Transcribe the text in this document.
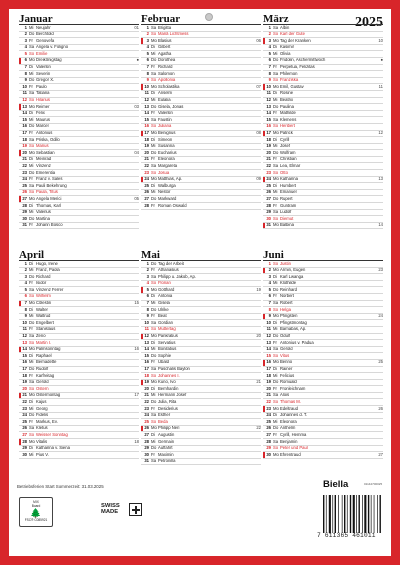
2025
Januar
1 Mi Neujahr	01
2 Do Berchtold
3 Fr Genovefa
4 Sa Angela v. Foligno
5 So Emilie
6 Mo Dreikönigstag	●
7 Di Valentin
8 Mi Severin
9 Do Gregor X.
10 Fr Paulo
11 Sa Tatiana
12 So Hilarius
13 Mo Reimer	03
14 Di Felix
15 Mi Maurus
16 Do Marcel
17 Fr Antonius
18 Sa Priska, Odilo
19 So Marius
20 Mo Sebastian	04
21 Di Meinrad
22 Mi Vinzenz
23 Do Emerentia
24 Fr Franz v. Sales
25 Sa Pauli Bekehrung
26 So Paula, Titus
27 Mo Angela Merici	05
28 Di Thomas, Karl
29 Mi Valerius
30 Do Martina
31 Fr Johann Bosco
Februar
1 Sa Brigitta
2 So Mariä Lichtmess
3 Mo Blasius	06
4 Di Gilbert
5 Mi Agatha
6 Do Dorothea
7 Fr Richard
8 Sa Salomon
9 So Apollonia
10 Mo Scholastika	07
11 Di Anselm
12 Mi Eulalia
13 Do Gisela, Jonas
14 Fr Valentin
15 Sa Faustin
16 So Juliana
17 Mo Benignus	08
18 Di Simeon
19 Mi Susanna
20 Do Eucharius
21 Fr Eleonora
22 Sa Margareta
23 So Josua
24 Mo Matthias, Ap.	09
25 Di Walburga
26 Mi Nestor
27 Do Markward
28 Fr Roman Oswald
März
1 Sa Albin
2 So Karl der Gute
3 Mo Tag der Kranken	10
4 Di Kasimir
5 Mi Olivia
6 Do Fridolin, Aschermittwoch	●
7 Fr Perpetua, Felizitas
8 Sa Philemon
9 So Franziska
10 Mo Emil, Gustav	11
11 Di Rosine
12 Mi Beatrix
13 Do Paulina
14 Fr Mathilde
15 Sa Klemens
16 So Heribert
17 Mo Patrick	12
18 Di Cyrill
19 Mi Josef
20 Do Wolfram
21 Fr Christian
22 Sa Lea, Elmar
23 So Otto
24 Mo Katharina	13
25 Di Humbert
26 Mi Emanuel
27 Do Rupert
28 Fr Guntram
29 Sa Ludolf
30 So Diemut
31 Mo Balbina	14
April
1 Di Hugo, Irene
2 Mi Franz, Paola
3 Do Richard
4 Fr Isidor
5 Sa Vinzenz Ferrer
6 So Wilhelm
7 Mo Cölestin	15
8 Di Walter
9 Mi Waltrud
10 Do Engelbert
11 Fr Stanislaus
12 Sa Zeno
13 So Martin I.
14 Mo Palmsonntag	16
15 Di Raphael
16 Mi Bernadette
17 Do Rudolf
18 Fr Karfreitag
19 Sa Gerold
20 So Ostern
21 Mo Ostermontag	17
22 Di Kajus
23 Mi Georg
24 Do Fidelis
25 Fr Markus, Ev.
26 Sa Kletus
27 So Weisser Sonntag
28 Mo Vitalis	18
29 Di Katharina v. Siena
30 Mi Pius V.
Mai
1 Do Tag der Arbeit
2 Fr Athanasius
3 Sa Philipp u. Jakob, Ap.
4 So Florian
5 Mo Gotthard	19
6 Di Antonia
7 Mi Gisela
8 Do Ulrike
9 Fr Beat
10 Sa Gordian
11 So Muttertag
12 Mo Pankratius	20
13 Di Servatius
14 Mi Bonifatius
15 Do Sophie
16 Fr Ubald
17 Sa Paschalis Baylon
18 So Johannes I.
19 Mo Kuno, Ivo	21
20 Di Bernhardin
21 Mi Hermann Josef
22 Do Julia, Rita
23 Fr Desiderius
24 Sa Esther
25 So Beda
26 Mo Philipp Neri	22
27 Di Augustin
28 Mi Germain
29 Do Auffahrt
30 Fr Maximin
31 Sa Petronilla
Juni
1 So Justin
2 Mo Armin, Eugen	23
3 Di Karl Lwanga
4 Mi Klothilde
5 Do Reinhard
6 Fr Norbert
7 Sa Robert
8 So Helga
9 Mo Pfingsten	24
10 Di Pfingstmontag
11 Mi Barnabas, Ap.
12 Do Odulf
13 Fr Antonius v. Padua
14 Sa Gerold
15 So Vitus
16 Mo Benno	25
17 Di Rainer
18 Mi Felicius
19 Do Romuald
20 Fr Fronleichnam
21 Sa Alois
22 So Thomas M.
23 Mo Edeltraud	26
24 Di Johannes d. T.
25 Mi Eleonora
26 Do Anthelm
27 Fr Cyrill, Hemma
28 Sa Benjamin
29 So Peter und Paul
30 Mo Ehrentraud	27
Betriebsferien Start Sommerzeit: 31.03.2025
MIX
Board
🌲
FSC® C085921
SWISS
MADE
Biella	01142700025
7 611365 461011
